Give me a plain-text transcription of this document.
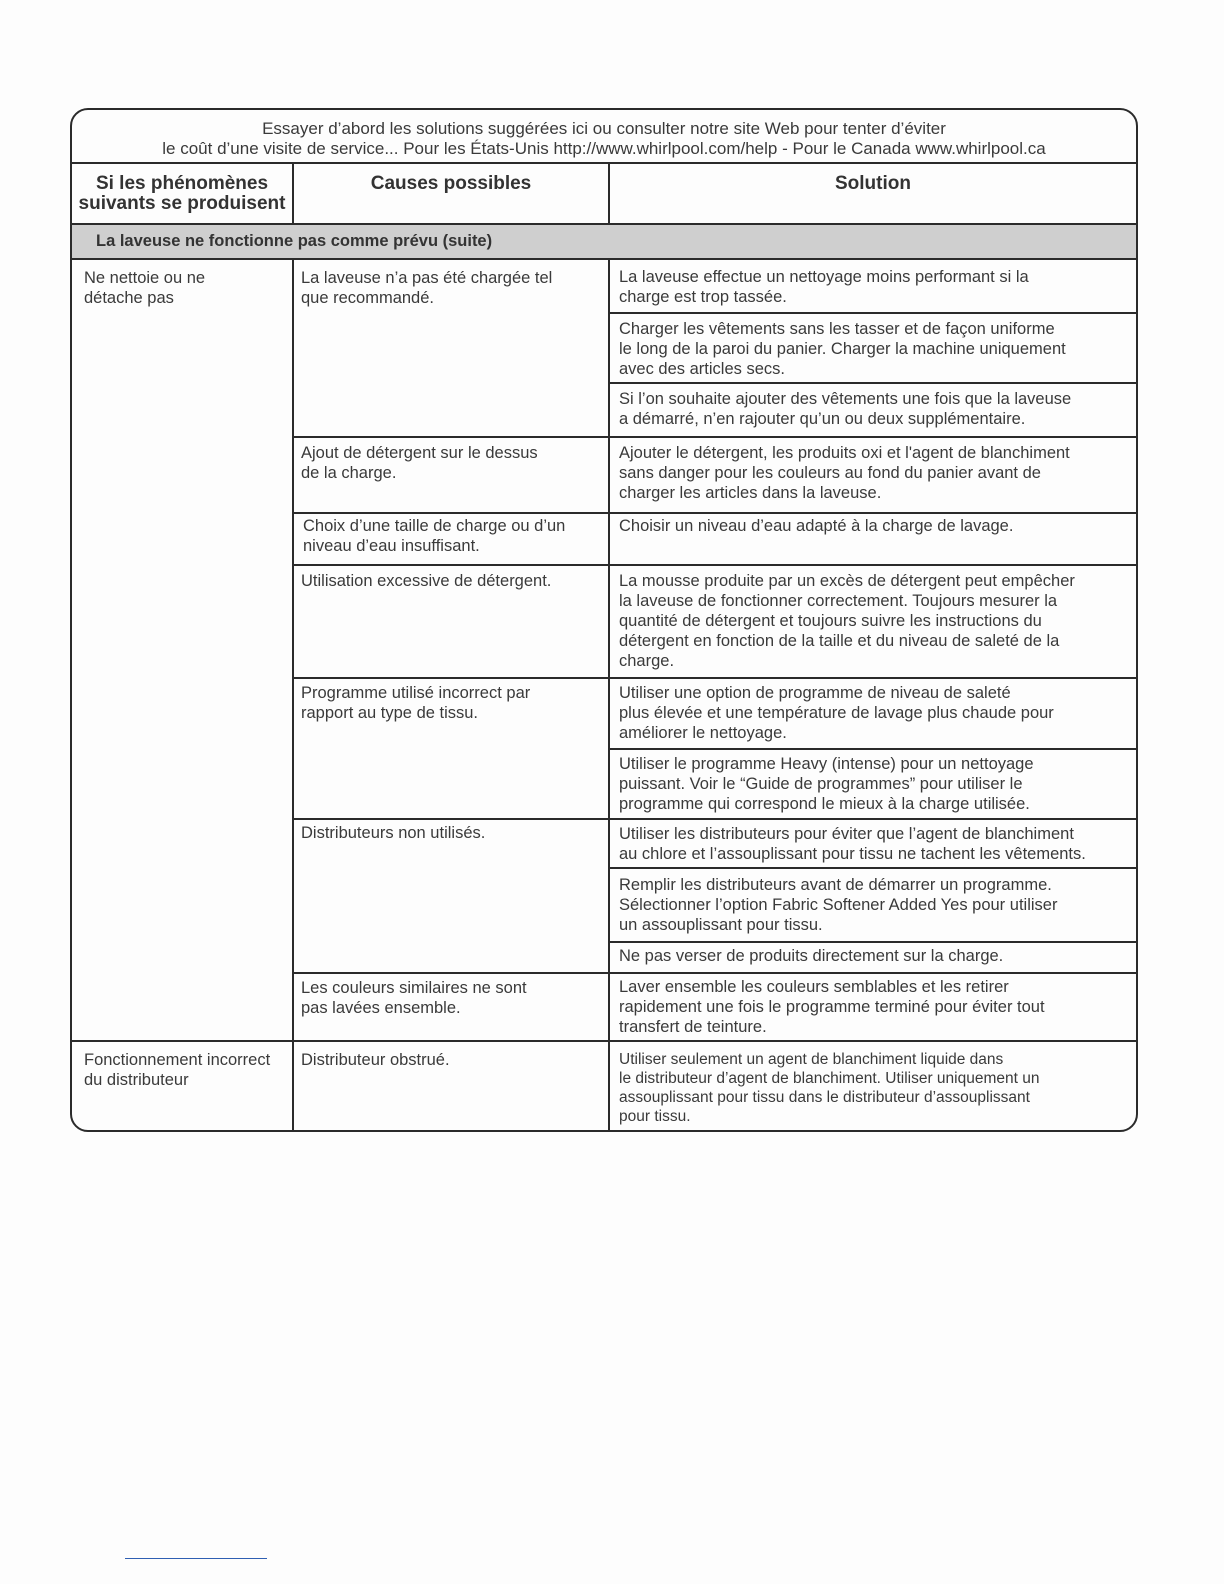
Essayer d’abord les solutions suggérées ici ou consulter notre site Web pour tenter d’éviter
le coût d’une visite de service... Pour les États-Unis http://www.whirlpool.com/help - Pour le Canada www.whirlpool.ca
Si les phénomènes
suivants se produisent
Causes possibles	Solution
La laveuse ne fonctionne pas comme prévu (suite)
Ne nettoie ou ne
détache pas
Fonctionnement incorrect
du distributeur
La laveuse n’a pas été chargée tel
que recommandé.
Ajout de détergent sur le dessus
de la charge.
Choix d’une taille de charge ou d’un
niveau d’eau insuffisant.
Utilisation excessive de détergent.
Programme utilisé incorrect par
rapport au type de tissu.
Distributeurs non utilisés.
Les couleurs similaires ne sont
pas lavées ensemble.
Distributeur obstrué.
La laveuse effectue un nettoyage moins performant si la
charge est trop tassée.
Charger les vêtements sans les tasser et de façon uniforme
le long de la paroi du panier. Charger la machine uniquement
avec des articles secs.
Si l’on souhaite ajouter des vêtements une fois que la laveuse
a démarré, n’en rajouter qu’un ou deux supplémentaire.
Ajouter le détergent, les produits oxi et l'agent de blanchiment
sans danger pour les couleurs au fond du panier avant de
charger les articles dans la laveuse.
Choisir un niveau d’eau adapté à la charge de lavage.
La mousse produite par un excès de détergent peut empêcher
la laveuse de fonctionner correctement. Toujours mesurer la
quantité de détergent et toujours suivre les instructions du
détergent en fonction de la taille et du niveau de saleté de la
charge.
Utiliser une option de programme de niveau de saleté
plus élevée et une température de lavage plus chaude pour
améliorer le nettoyage.
Utiliser le programme Heavy (intense) pour un nettoyage
puissant. Voir le “Guide de programmes” pour utiliser le
programme qui correspond le mieux à la charge utilisée.
Utiliser les distributeurs pour éviter que l’agent de blanchiment
au chlore et l’assouplissant pour tissu ne tachent les vêtements.
Remplir les distributeurs avant de démarrer un programme.
Sélectionner l’option Fabric Softener Added Yes pour utiliser
un assouplissant pour tissu.
Ne pas verser de produits directement sur la charge.
Laver ensemble les couleurs semblables et les retirer
rapidement une fois le programme terminé pour éviter tout
transfert de teinture.
Utiliser seulement un agent de blanchiment liquide dans
le distributeur d’agent de blanchiment. Utiliser uniquement un
assouplissant pour tissu dans le distributeur d’assouplissant
pour tissu.
